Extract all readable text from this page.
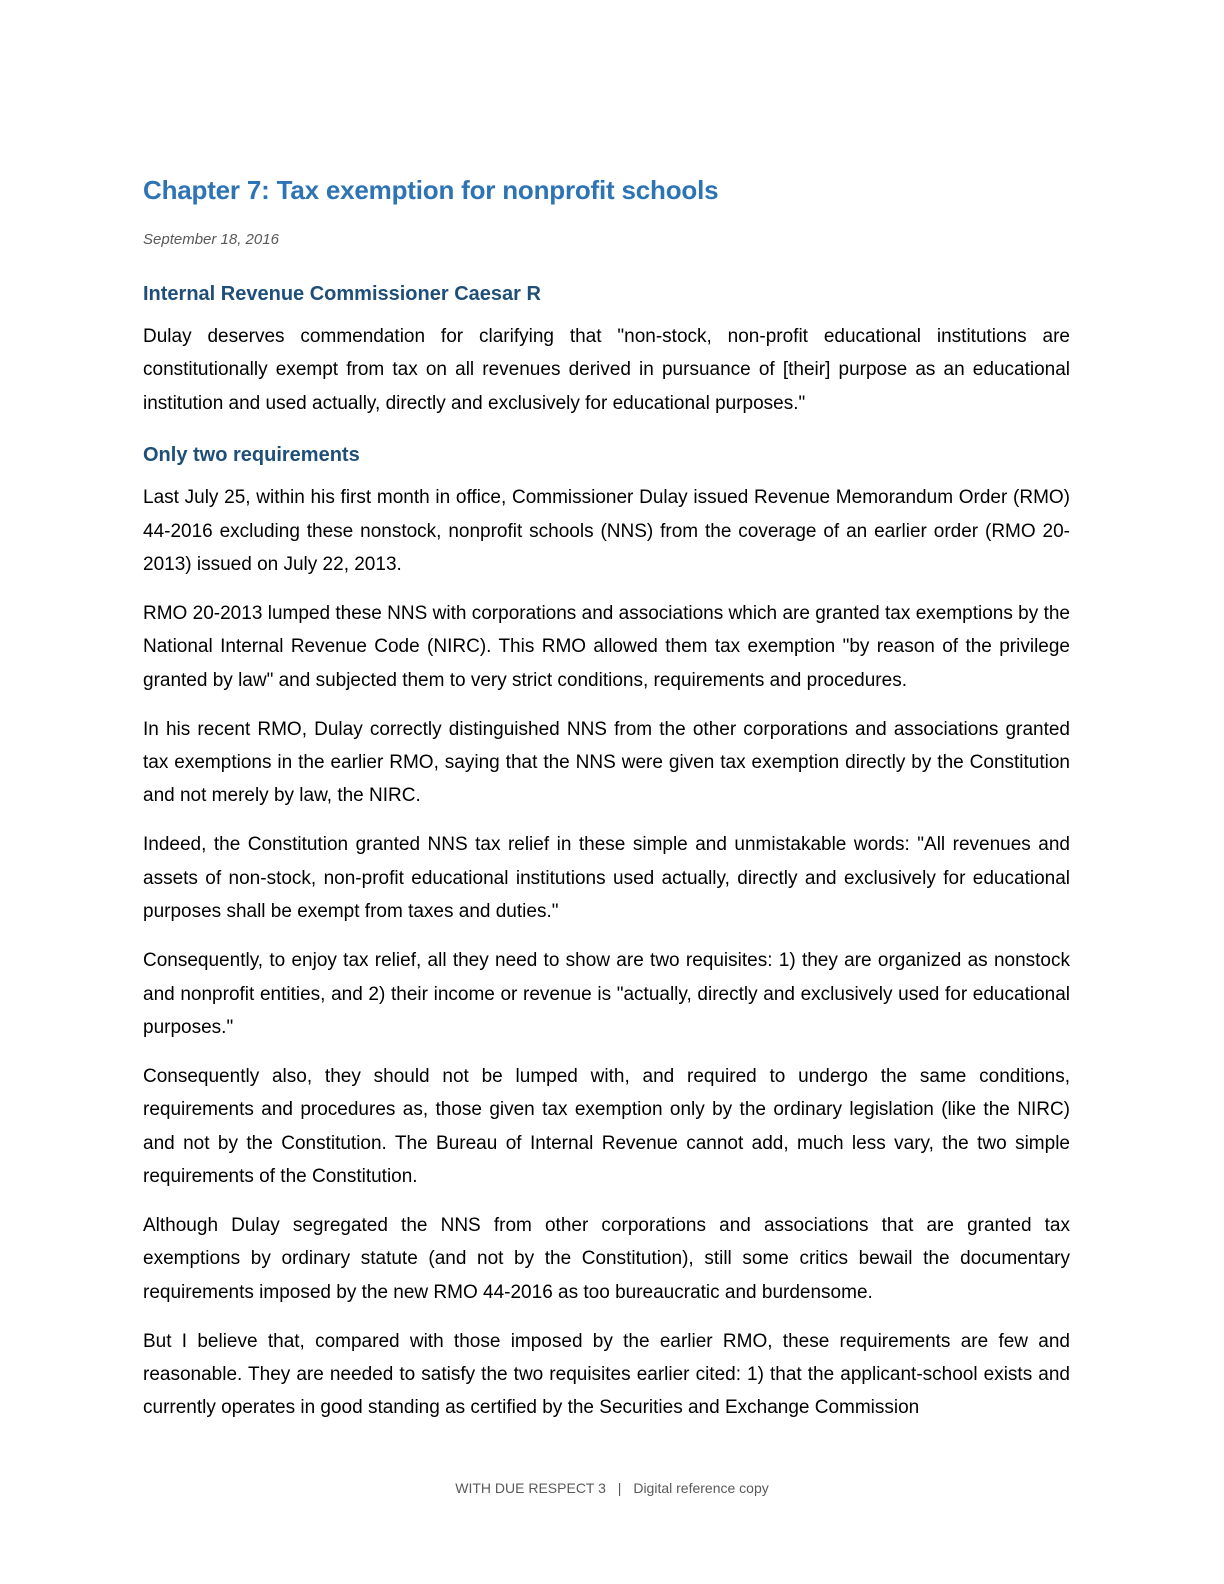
Chapter 7: Tax exemption for nonprofit schools
September 18, 2016
Internal Revenue Commissioner Caesar R

Dulay deserves commendation for clarifying that "non-stock, non-profit educational institutions are constitutionally exempt from tax on all revenues derived in pursuance of [their] purpose as an educational institution and used actually, directly and exclusively for educational purposes."

Only two requirements

Last July 25, within his first month in office, Commissioner Dulay issued Revenue Memorandum Order (RMO) 44-2016 excluding these nonstock, nonprofit schools (NNS) from the coverage of an earlier order (RMO 20-2013) issued on July 22, 2013.

RMO 20-2013 lumped these NNS with corporations and associations which are granted tax exemptions by the National Internal Revenue Code (NIRC). This RMO allowed them tax exemption "by reason of the privilege granted by law" and subjected them to very strict conditions, requirements and procedures.

In his recent RMO, Dulay correctly distinguished NNS from the other corporations and associations granted tax exemptions in the earlier RMO, saying that the NNS were given tax exemption directly by the Constitution and not merely by law, the NIRC.

Indeed, the Constitution granted NNS tax relief in these simple and unmistakable words: "All revenues and assets of non-stock, non-profit educational institutions used actually, directly and exclusively for educational purposes shall be exempt from taxes and duties."

Consequently, to enjoy tax relief, all they need to show are two requisites: 1) they are organized as nonstock and nonprofit entities, and 2) their income or revenue is "actually, directly and exclusively used for educational purposes."

Consequently also, they should not be lumped with, and required to undergo the same conditions, requirements and procedures as, those given tax exemption only by the ordinary legislation (like the NIRC) and not by the Constitution. The Bureau of Internal Revenue cannot add, much less vary, the two simple requirements of the Constitution.

Although Dulay segregated the NNS from other corporations and associations that are granted tax exemptions by ordinary statute (and not by the Constitution), still some critics bewail the documentary requirements imposed by the new RMO 44-2016 as too bureaucratic and burdensome.

But I believe that, compared with those imposed by the earlier RMO, these requirements are few and reasonable. They are needed to satisfy the two requisites earlier cited: 1) that the applicant-school exists and currently operates in good standing as certified by the Securities and Exchange Commission

WITH DUE RESPECT 3 | Digital reference copy
